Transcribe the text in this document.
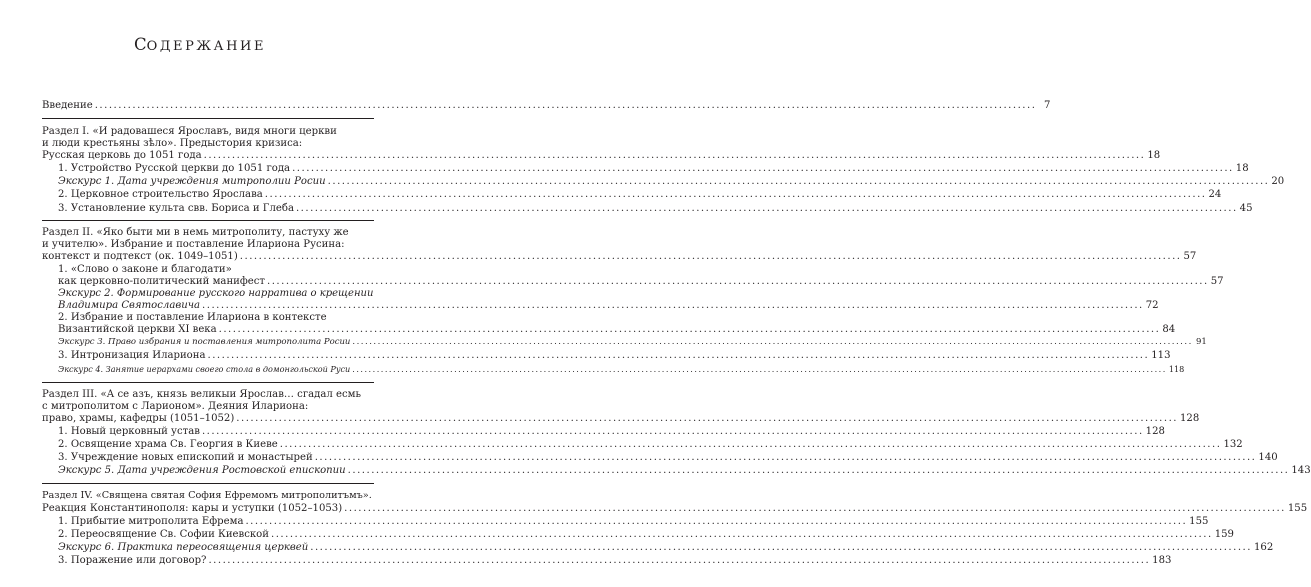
СОДЕРЖАНИЕ
Введение ........................................................................................................................................................................................................ 7
Раздел I. «И радовашеся Ярославъ, видя многи церкви
и люди крестьяны зѣло». Предыстория кризиса:
Русская церковь до 1051 года ........................................................................................................................................................................................................ 18
1. Устройство Русской церкви до 1051 года ........................................................................................................................................................................................................ 18
Экскурс 1. Дата учреждения митрополии Росии ........................................................................................................................................................................................................ 20
2. Церковное строительство Ярослава ........................................................................................................................................................................................................ 24
3. Установление культа свв. Бориса и Глеба ........................................................................................................................................................................................................ 45
Раздел II. «Яко быти ми в немь митрополиту, пастуху же
и учителю». Избрание и поставление Илариона Русина:
контекст и подтекст (ок. 1049–1051) ........................................................................................................................................................................................................ 57
1. «Слово о законе и благодати»
как церковно-политический манифест ........................................................................................................................................................................................................ 57
Экскурс 2. Формирование русского нарратива о крещении
Владимира Святославича ........................................................................................................................................................................................................ 72
2. Избрание и поставление Илариона в контексте
Византийской церкви XI века ........................................................................................................................................................................................................ 84
Экскурс 3. Право избрания и поставления митрополита Росии ........................................................................................................................................................................................................ 91
3. Интронизация Илариона ........................................................................................................................................................................................................ 113
Экскурс 4. Занятие иерархами своего стола в домонгольской Руси ........................................................................................................................................................................................................ 118
Раздел III. «А се азъ, князь великыи Ярослав… сгадал есмь
с митрополитом с Ларионом». Деяния Илариона:
право, храмы, кафедры (1051–1052) ........................................................................................................................................................................................................ 128
1. Новый церковный устав ........................................................................................................................................................................................................ 128
2. Освящение храма Св. Георгия в Киеве ........................................................................................................................................................................................................ 132
3. Учреждение новых епископий и монастырей ........................................................................................................................................................................................................ 140
Экскурс 5. Дата учреждения Ростовской епископии ........................................................................................................................................................................................................ 143
Раздел IV. «Священа святая София Ефремомъ митрополитъмъ».
Реакция Константинополя: кары и уступки (1052–1053) ........................................................................................................................................................................................................ 155
1. Прибытие митрополита Ефрема ........................................................................................................................................................................................................ 155
2. Переосвящение Св. Софии Киевской ........................................................................................................................................................................................................ 159
Экскурс 6. Практика переосвящения церквей ........................................................................................................................................................................................................ 162
3. Поражение или договор? ........................................................................................................................................................................................................ 183
